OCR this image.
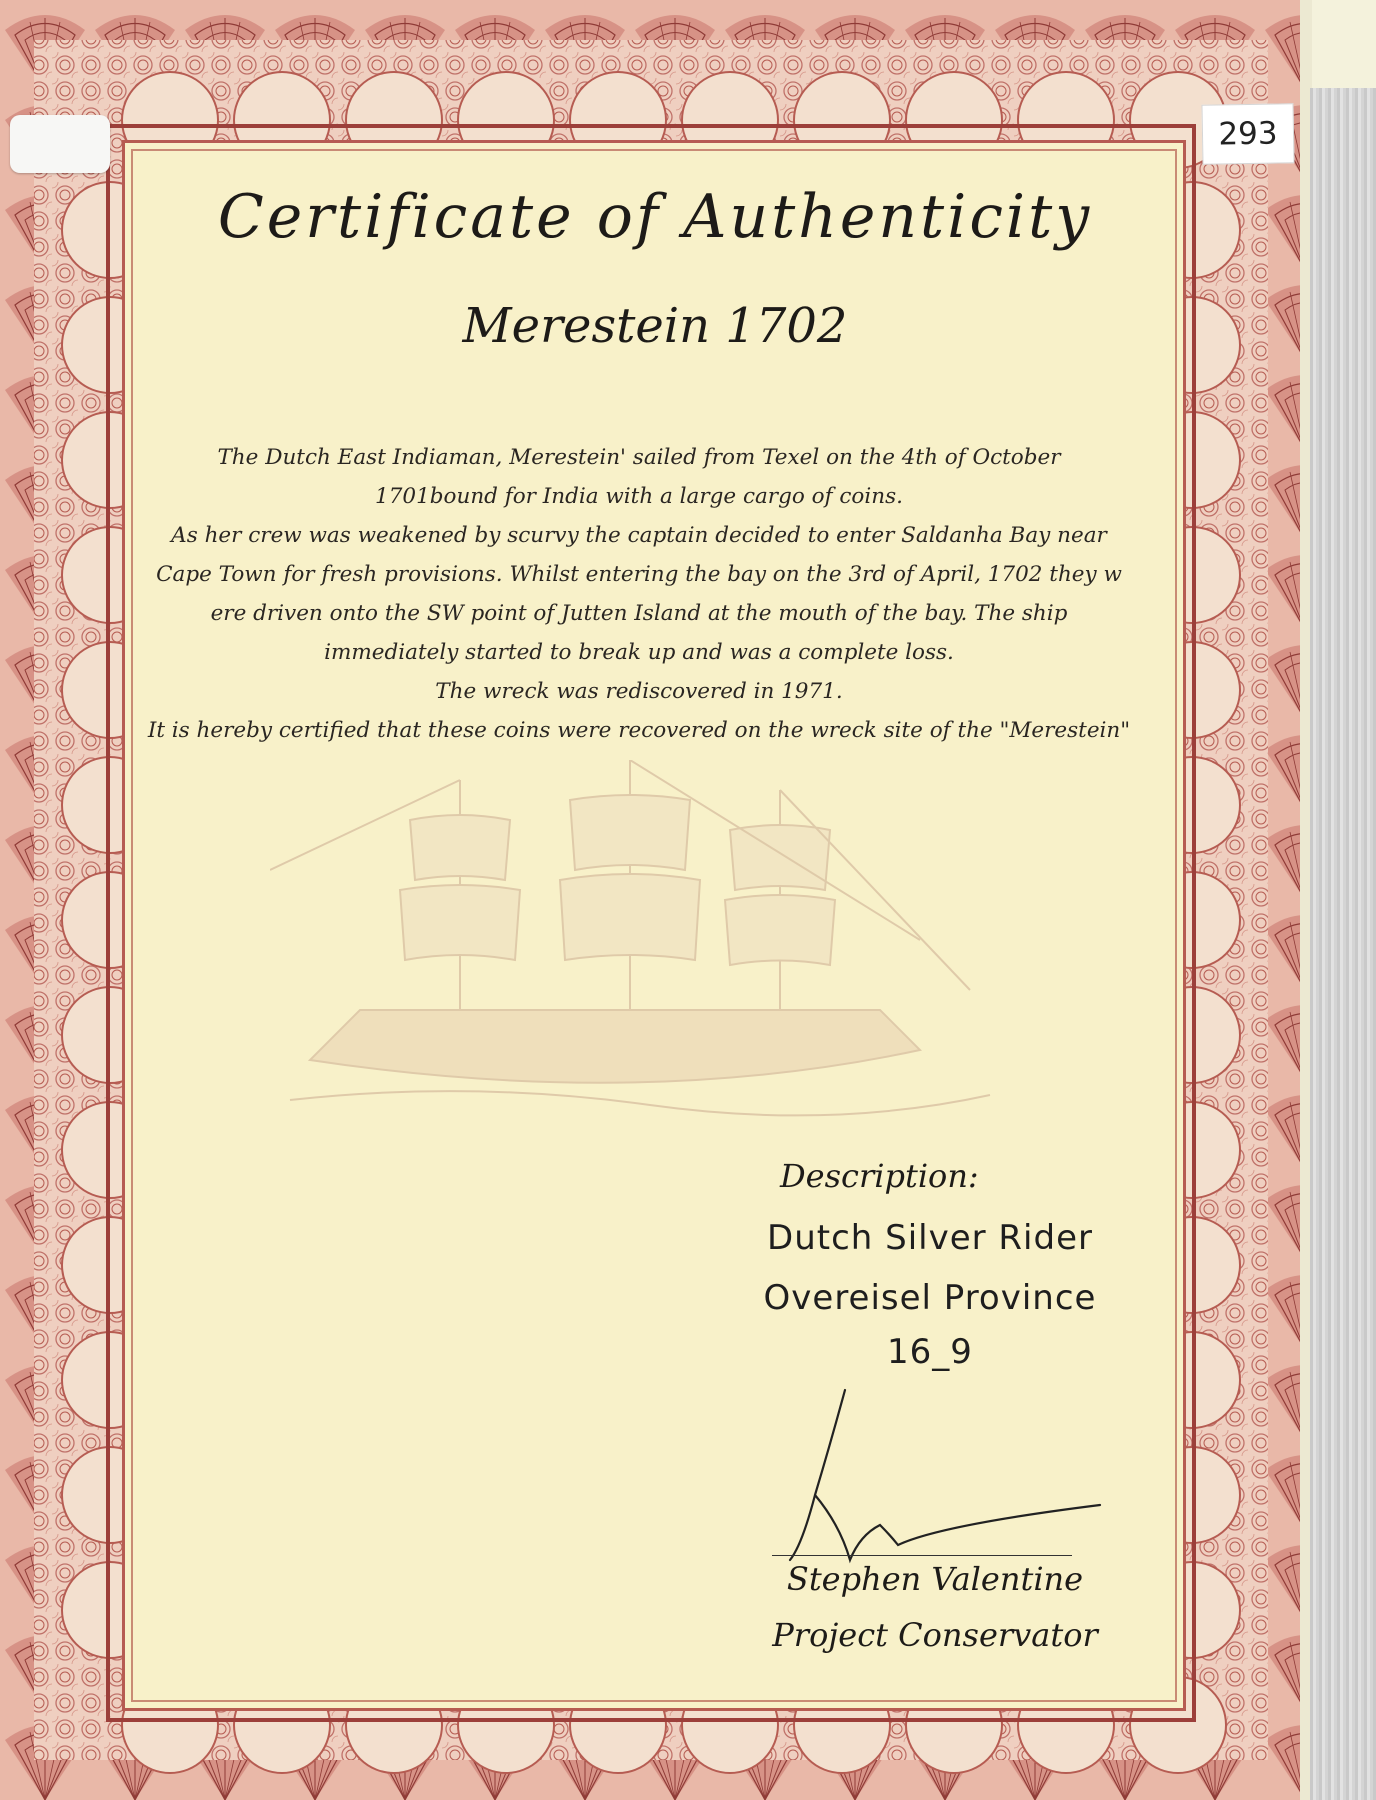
293
Certificate of Authenticity
Merestein 1702

The Dutch East Indiaman, Merestein' sailed from Texel on the 4th of October

1701bound for India with a large cargo of coins.

As her crew was weakened by scurvy the captain decided to enter Saldanha Bay near

Cape Town for fresh provisions. Whilst entering the bay on the 3rd of April, 1702 they w

ere driven onto the SW point of Jutten Island at the mouth of the bay. The ship

immediately started to break up and was a complete loss.

The wreck was rediscovered in 1971.

It is hereby certified that these coins were recovered on the wreck site of the "Merestein"

Description:
Dutch Silver Rider
Overeisel Province
16_9
Stephen Valentine
Project Conservator
